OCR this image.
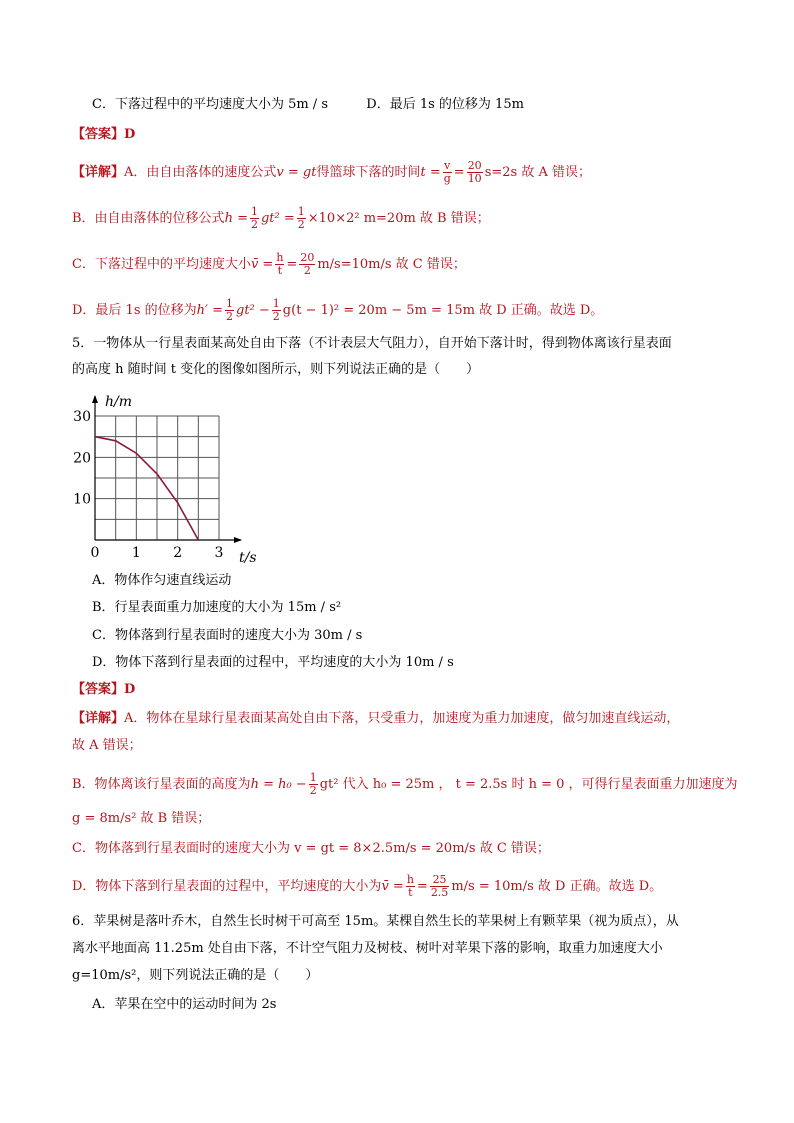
C．下落过程中的平均速度大小为 5m / s	D．最后 1s 的位移为 15m
【答案】D
【详解】A．由自由落体的速度公式v = gt得篮球下落的时间$t = \frac{v}{g} = \frac{20}{10} s=2s$ 故 A 错误；
B．由自由落体的位移公式$h = \frac{1}{2} gt^2 = \frac{1}{2} \times 10\times 2^2$ m=20m 故 B 错误；
C．下落过程中的平均速度大小v̄ = $\frac{h}{t} = \frac{20}{2} m/s=10m/s$ 故 C 错误；
D．最后 1s 的位移为$h' = \frac{1}{2} gt^2 - \frac{1}{2} g(t - 1)^2 = 20m - 5m = 15m$ 故 D 正确。故选 D。
5．一物体从一行星表面某高处自由下落（不计表层大气阻力），自开始下落计时，得到物体离该行星表面
的高度 h 随时间 t 变化的图像如图所示，则下列说法正确的是（　　）
0 1 2 3
10
20
30
h/m
t/s
A．物体作匀速直线运动
B．行星表面重力加速度的大小为 15m / s²
C．物体落到行星表面时的速度大小为 30m / s
D．物体下落到行星表面的过程中，平均速度的大小为 10m / s
【答案】D
【详解】A．物体在星球行星表面某高处自由下落，只受重力，加速度为重力加速度，做匀加速直线运动，
故 A 错误；
B．物体离该行星表面的高度为$h = h_0 - \frac{1}{2} gt^2$ 代入 h₀ = 25m ， t = 2.5s 时 h = 0 ，可得行星表面重力加速度为
g = 8m/s² 故 B 错误；
C．物体落到行星表面时的速度大小为 v = gt = 8×2.5m/s = 20m/s 故 C 错误；
D．物体下落到行星表面的过程中，平均速度的大小为v̄ = $\frac{h}{t} = \frac{25}{2.5} m/s = 10m/s$ 故 D 正确。故选 D。
6．苹果树是落叶乔木，自然生长时树干可高至 15m。某棵自然生长的苹果树上有颗苹果（视为质点），从
离水平地面高 11.25m 处自由下落，不计空气阻力及树枝、树叶对苹果下落的影响，取重力加速度大小
g=10m/s²，则下列说法正确的是（　　）
A．苹果在空中的运动时间为 2s
